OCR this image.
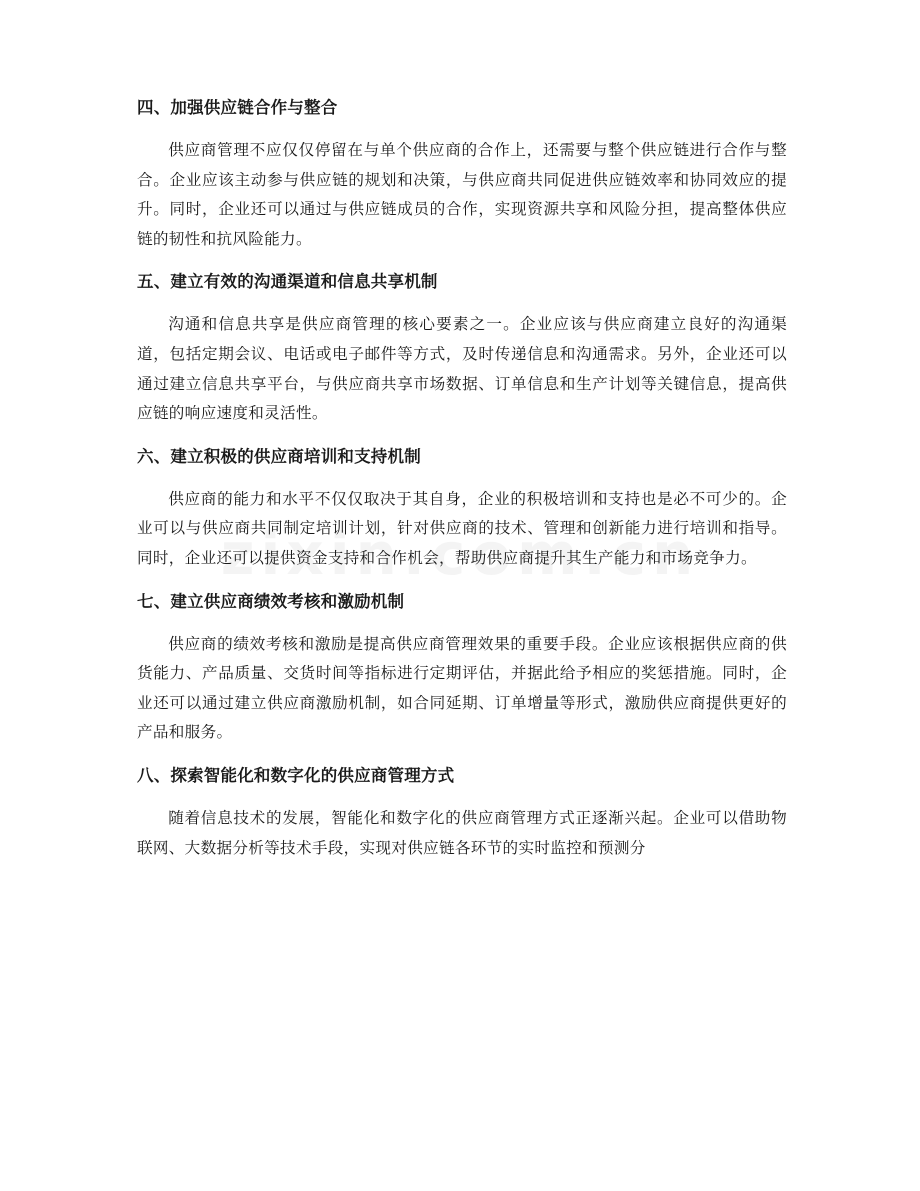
四、加强供应链合作与整合
供应商管理不应仅仅停留在与单个供应商的合作上，还需要与整个供应链进行合作与整合。企业应该主动参与供应链的规划和决策，与供应商共同促进供应链效率和协同效应的提升。同时，企业还可以通过与供应链成员的合作，实现资源共享和风险分担，提高整体供应链的韧性和抗风险能力。
五、建立有效的沟通渠道和信息共享机制
沟通和信息共享是供应商管理的核心要素之一。企业应该与供应商建立良好的沟通渠道，包括定期会议、电话或电子邮件等方式，及时传递信息和沟通需求。另外，企业还可以通过建立信息共享平台，与供应商共享市场数据、订单信息和生产计划等关键信息，提高供应链的响应速度和灵活性。
六、建立积极的供应商培训和支持机制
供应商的能力和水平不仅仅取决于其自身，企业的积极培训和支持也是必不可少的。企业可以与供应商共同制定培训计划，针对供应商的技术、管理和创新能力进行培训和指导。同时，企业还可以提供资金支持和合作机会，帮助供应商提升其生产能力和市场竞争力。
七、建立供应商绩效考核和激励机制
供应商的绩效考核和激励是提高供应商管理效果的重要手段。企业应该根据供应商的供货能力、产品质量、交货时间等指标进行定期评估，并据此给予相应的奖惩措施。同时，企业还可以通过建立供应商激励机制，如合同延期、订单增量等形式，激励供应商提供更好的产品和服务。
八、探索智能化和数字化的供应商管理方式
随着信息技术的发展，智能化和数字化的供应商管理方式正逐渐兴起。企业可以借助物联网、大数据分析等技术手段，实现对供应链各环节的实时监控和预测分
